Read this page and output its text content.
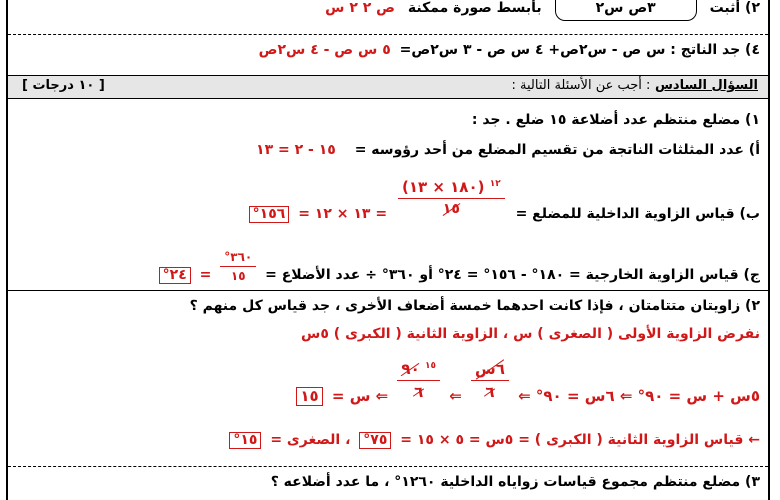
٢) أثبت ٣ص س٢ بأبسط صورة ممكنة ص ٢ ٢ س
٤) جد الناتج : س ص - س٢ص+ ٤ س ص - ٣ س٢ص= ٥ س ص - ٤ س٢ص
السؤال السادس : أجب عن الأسئلة التالية :
[ ١٠ درجات ]
١) مضلع منتظم عدد أضلاعة ١٥ ضلع . جد :
أ) عدد المثلثات الناتجة من تقسيم المضلع من أحد رؤوسه = ١٥ - ٢ = ١٣
ب) قياس الزاوية الداخلية للمضلع =
$\frac{^{١٢} (١٨٠ \times ١٣)}{١٥}$
= ١٣ × ١٢ = ١٥٦°
ج) قياس الزاوية الخارجية = ١٨٠° - ١٥٦° = ٢٤° أو ٣٦٠° ÷ عدد الأضلاع =
$\frac{٣٦٠^\circ}{١٥}$
= ٢٤°
٢) زاويتان متتامتان ، فإذا كانت احدهما خمسة أضعاف الأخرى ، جد قياس كل منهم ؟
نفرض الزاوية الأولى ( الصغرى ) س ، الزاوية الثانية ( الكبرى ) ٥س
٥س + س = ٩٠° ⇐ ٦س = ٩٠° ⇐
$\frac{\text{٦س}}{٦}$
⇐
$\frac{^{١٥} ٩٠}{٦}$
⇐ س = ١٥
← قياس الزاوية الثانية ( الكبرى ) = ٥س = ٥ × ١٥ = ٧٥° ، الصغرى = ١٥°
٣) مضلع منتظم مجموع قياسات زواياه الداخلية ١٢٦٠° ، ما عدد أضلاعه ؟
